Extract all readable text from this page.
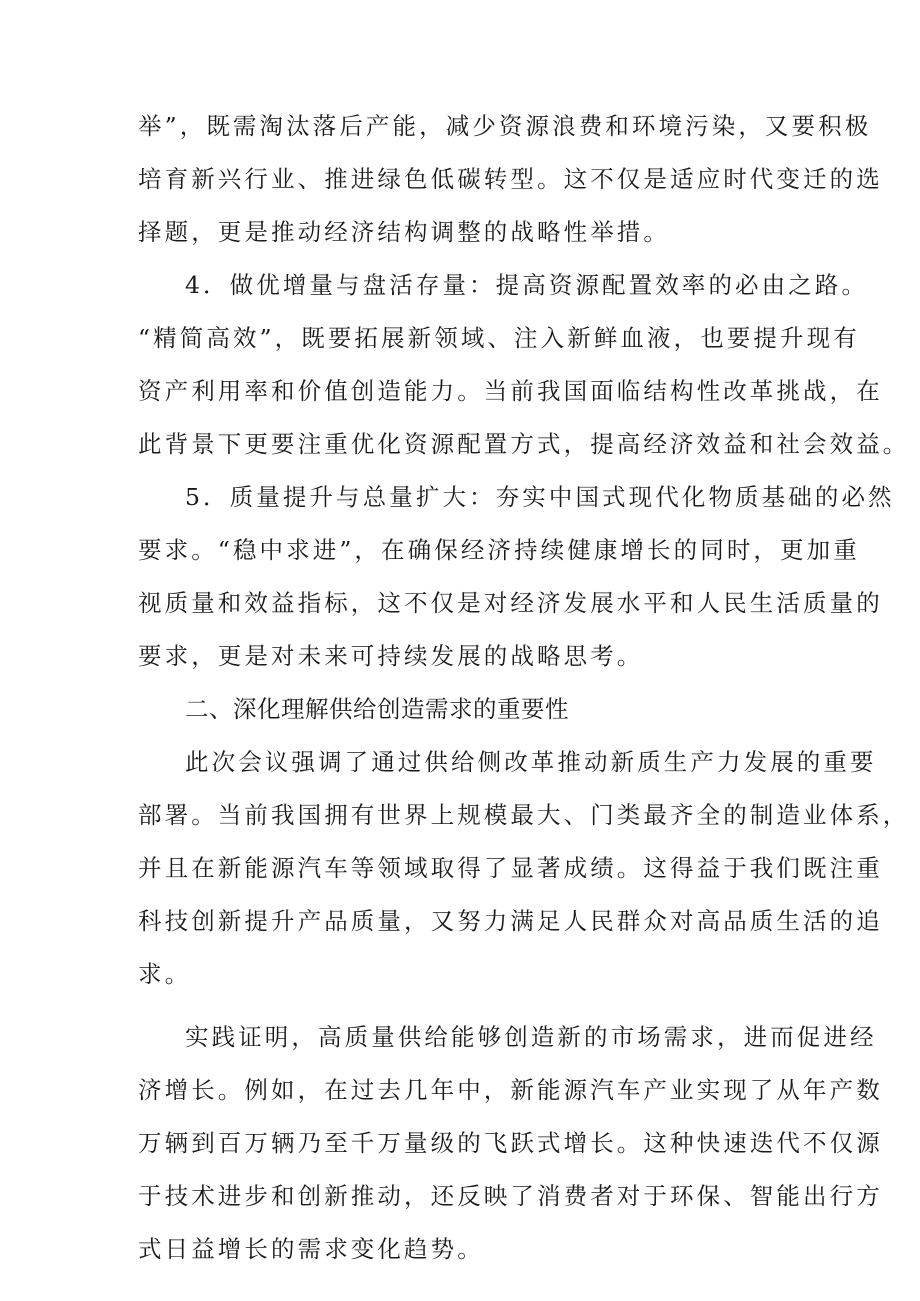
举”，既需淘汰落后产能，减少资源浪费和环境污染，又要积极
培育新兴行业、推进绿色低碳转型。这不仅是适应时代变迁的选
择题，更是推动经济结构调整的战略性举措。
4．做优增量与盘活存量：提高资源配置效率的必由之路。
“精简高效”，既要拓展新领域、注入新鲜血液，也要提升现有
资产利用率和价值创造能力。当前我国面临结构性改革挑战，在
此背景下更要注重优化资源配置方式，提高经济效益和社会效益。
5．质量提升与总量扩大：夯实中国式现代化物质基础的必然
要求。“稳中求进”，在确保经济持续健康增长的同时，更加重
视质量和效益指标，这不仅是对经济发展水平和人民生活质量的
要求，更是对未来可持续发展的战略思考。
二、深化理解供给创造需求的重要性
此次会议强调了通过供给侧改革推动新质生产力发展的重要
部署。当前我国拥有世界上规模最大、门类最齐全的制造业体系，
并且在新能源汽车等领域取得了显著成绩。这得益于我们既注重
科技创新提升产品质量，又努力满足人民群众对高品质生活的追
求。
实践证明，高质量供给能够创造新的市场需求，进而促进经
济增长。例如，在过去几年中，新能源汽车产业实现了从年产数
万辆到百万辆乃至千万量级的飞跃式增长。这种快速迭代不仅源
于技术进步和创新推动，还反映了消费者对于环保、智能出行方
式日益增长的需求变化趋势。
